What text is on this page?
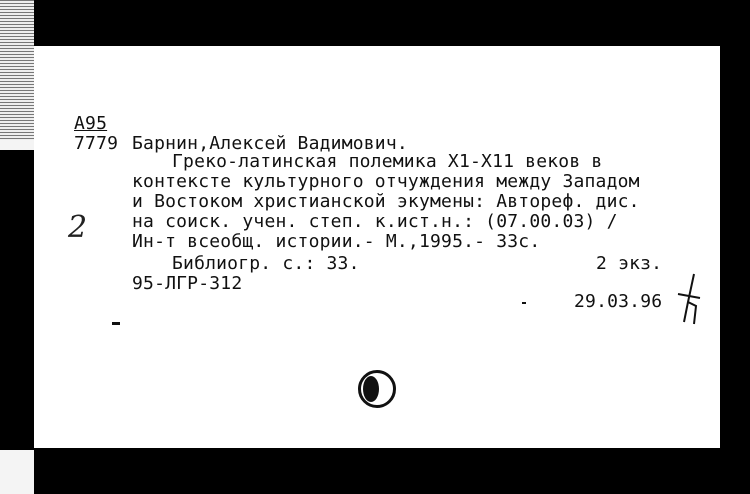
A95
7779 Барнин,Алексей Вадимович.
Греко-латинская полемика X1-X11 веков в
контексте культурного отчуждения между Западом
и Востоком христианской экумены: Автореф. дис.
на соиск. учен. степ. к.ист.н.: (07.00.03) /
Ин-т всеобщ. истории.- М.,1995.- 33с.
Библиогр. с.: 33.	2 экз.
95-ЛГР-312
29.03.96
2
